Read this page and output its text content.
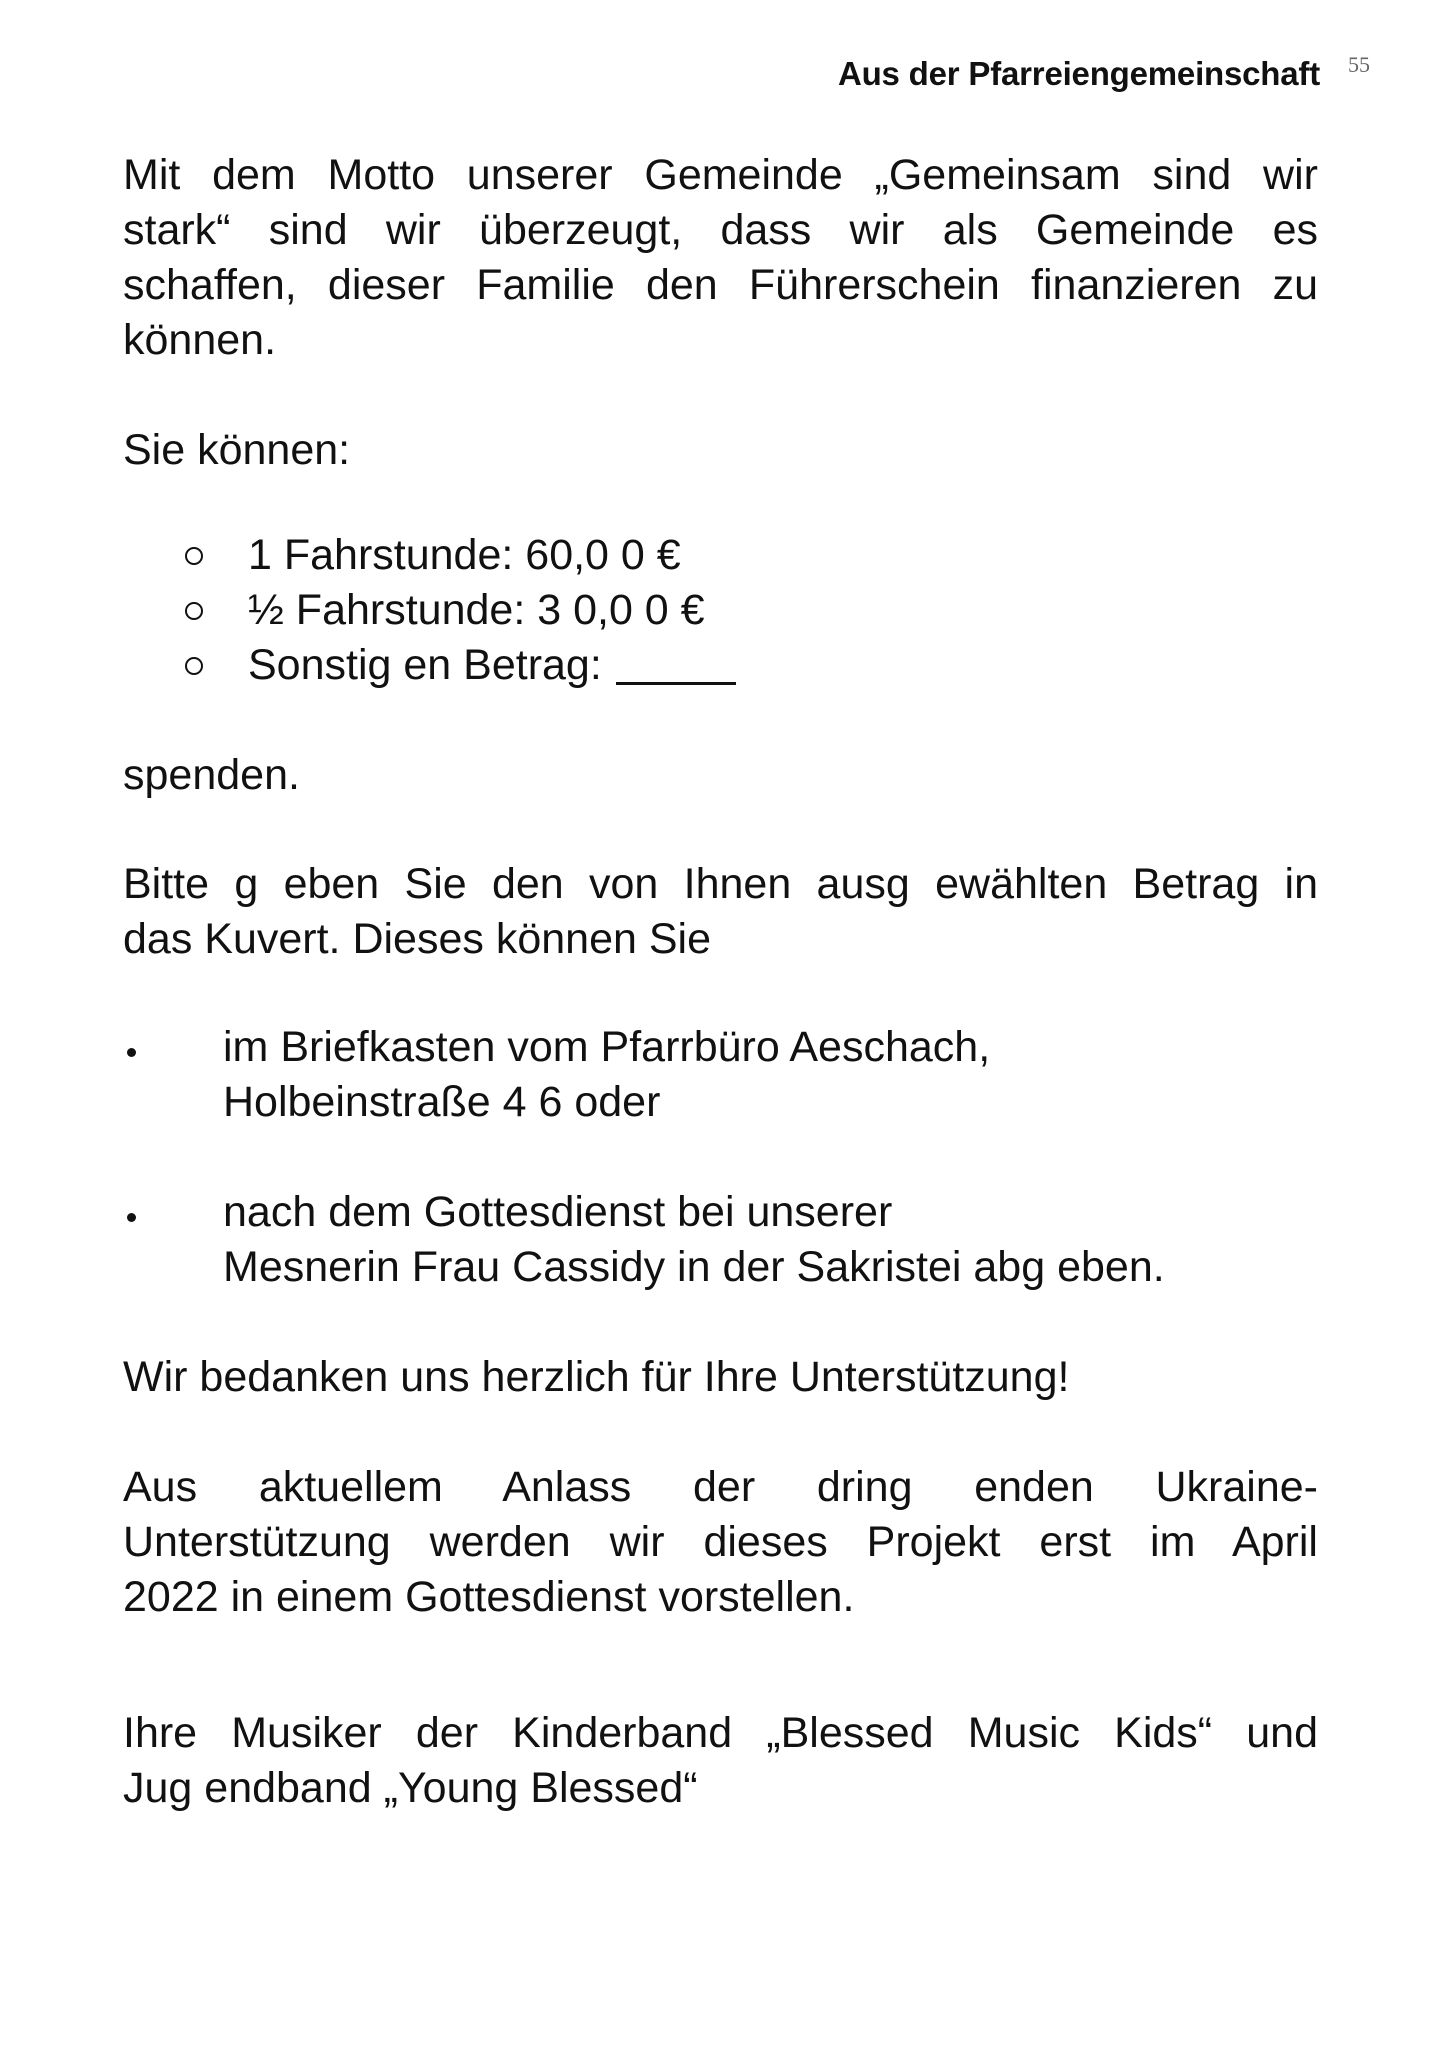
Aus der Pfarreiengemeinschaft 55
Mit dem Motto unserer Gemeinde „Gemeinsam sind wir
stark“ sind wir überzeugt, dass wir als Gemeinde es
schaffen, dieser Familie den Führerschein finanzieren zu
können.
Sie können:
1 Fahrstunde: 60,0 0 €
½ Fahrstunde: 3 0,0 0 €
Sonstig en Betrag:
spenden.
Bitte g eben Sie den von Ihnen ausg ewählten Betrag in
das Kuvert. Dieses können Sie
im Briefkasten vom Pfarrbüro Aeschach,
Holbeinstraße 4 6 oder
nach dem Gottesdienst bei unserer
Mesnerin Frau Cassidy in der Sakristei abg eben.
Wir bedanken uns herzlich für Ihre Unterstützung!
Aus aktuellem Anlass der dring enden Ukraine-
Unterstützung werden wir dieses Projekt erst im April
2022 in einem Gottesdienst vorstellen.
Ihre Musiker der Kinderband „Blessed Music Kids“ und
Jug endband „Young Blessed“
